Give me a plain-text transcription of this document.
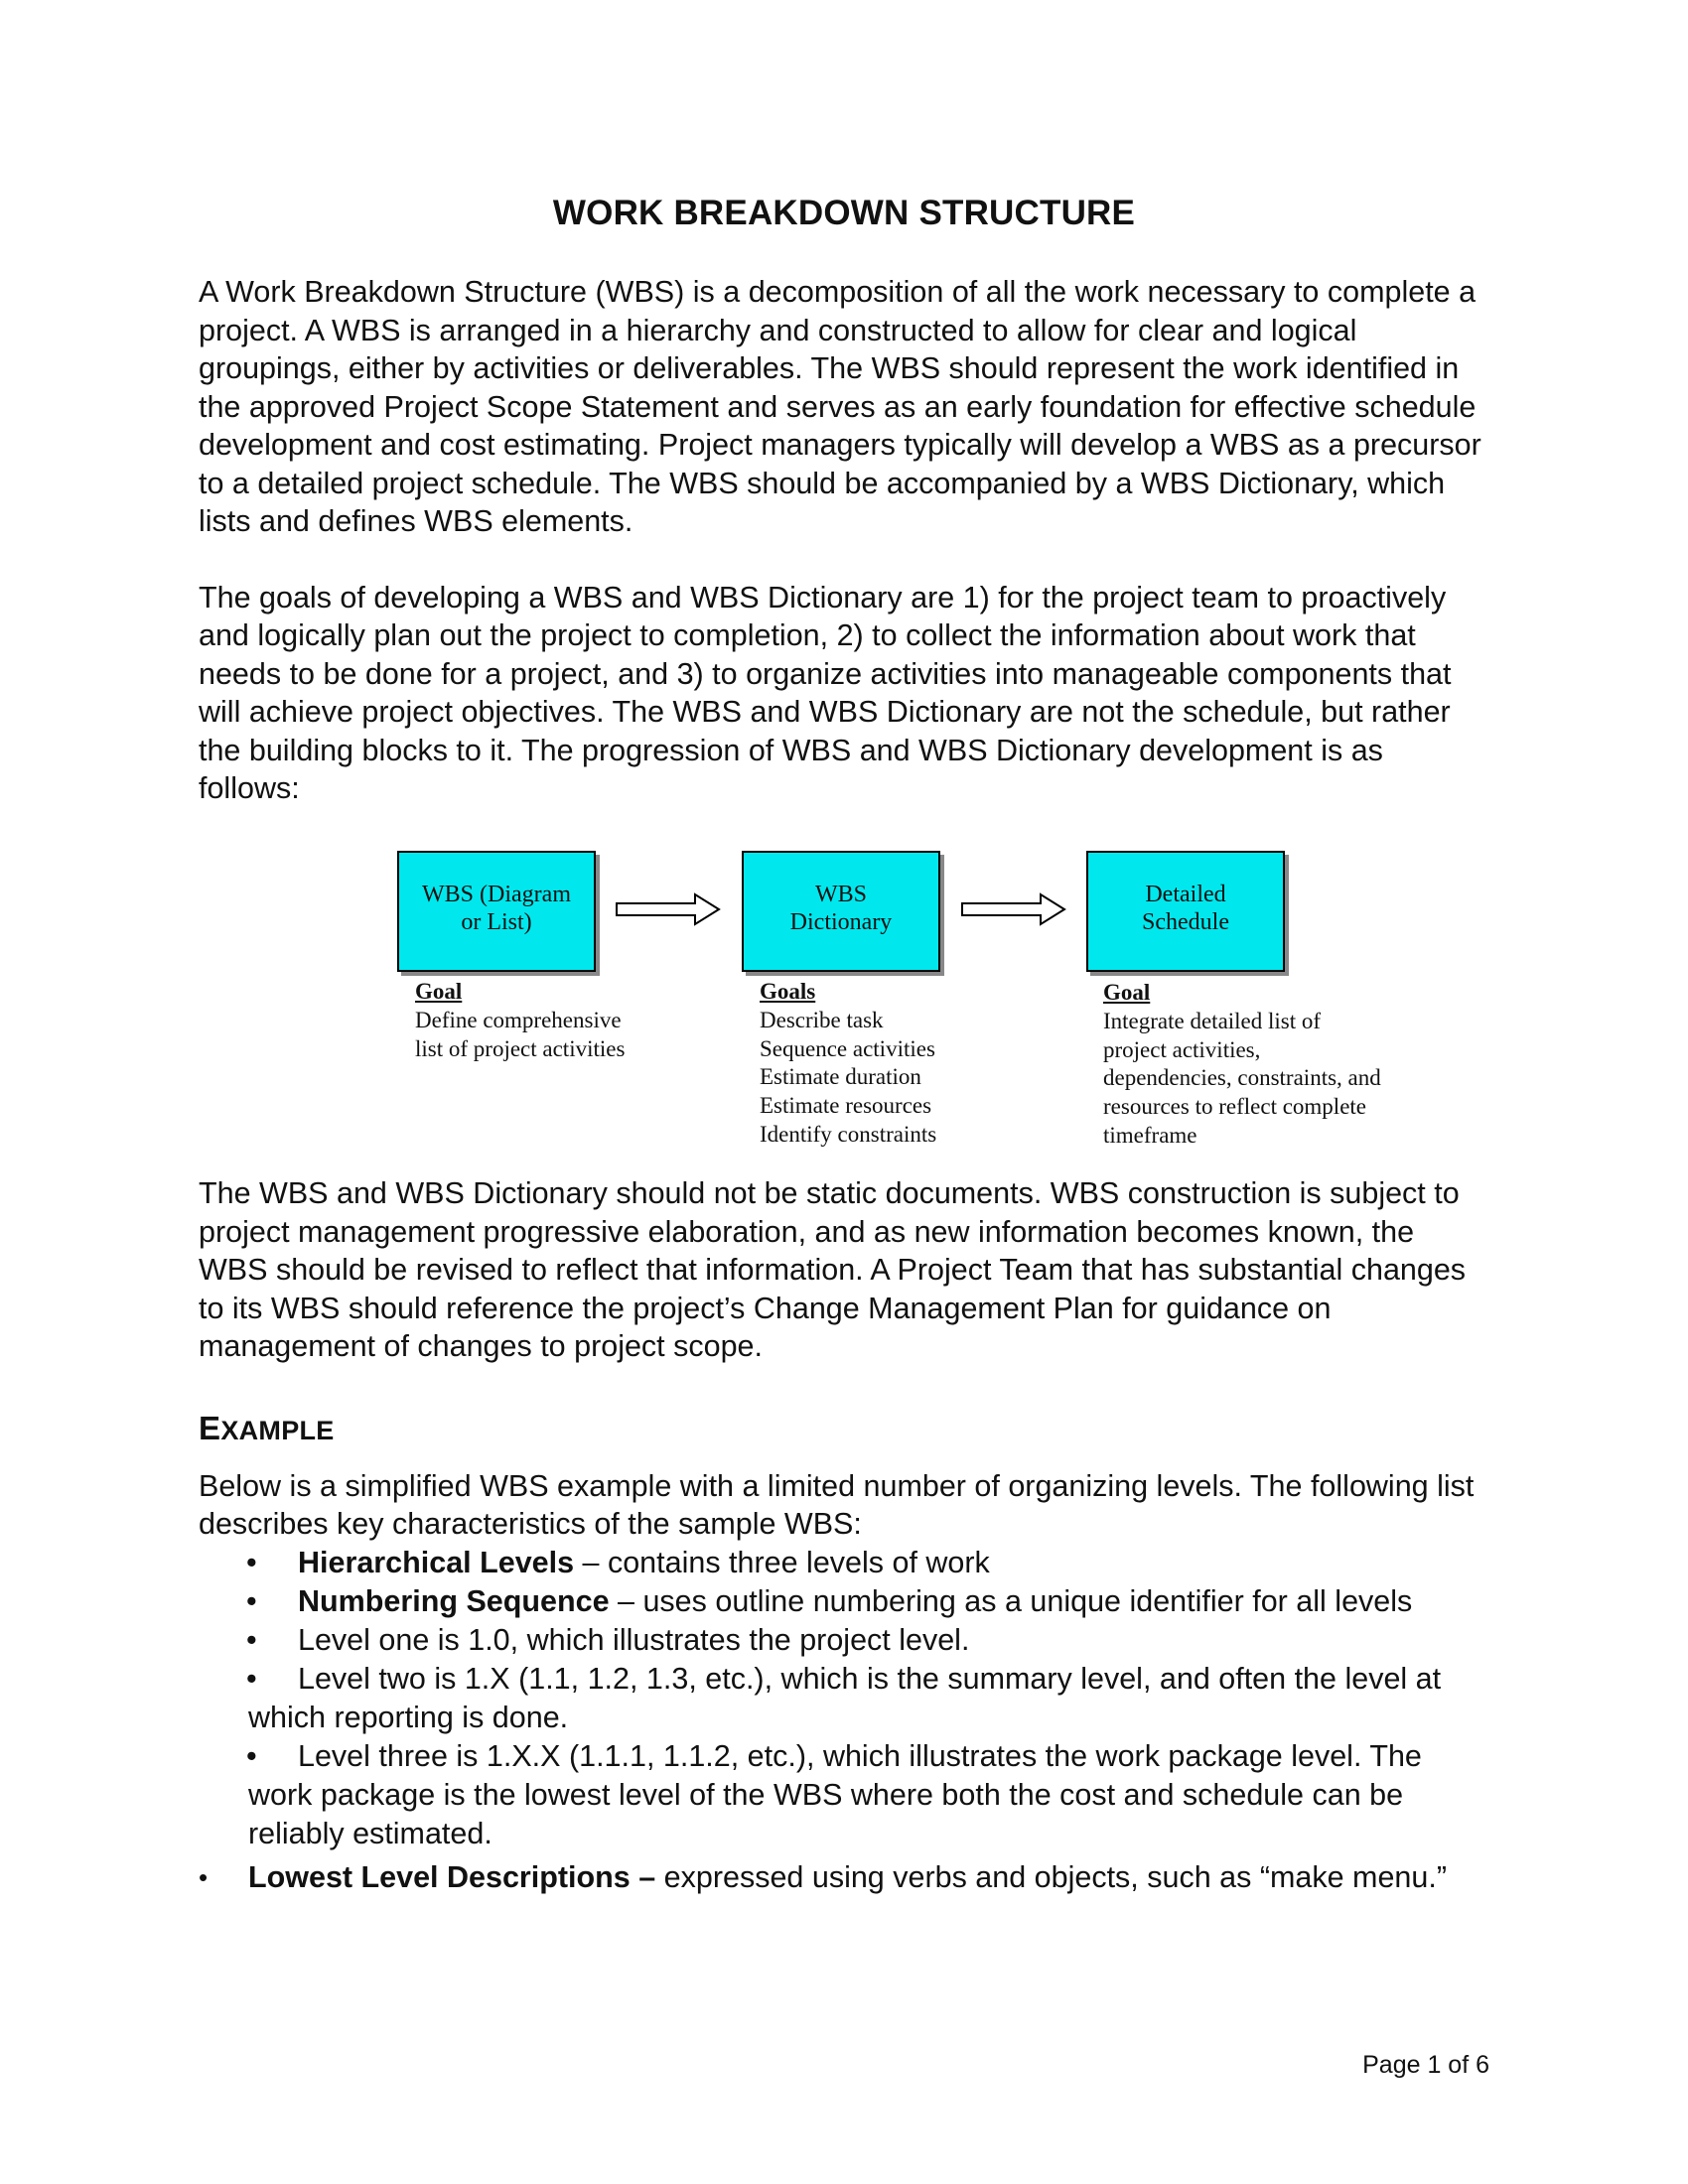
WORK BREAKDOWN STRUCTURE

A Work Breakdown Structure (WBS) is a decomposition of all the work necessary to complete a project. A WBS is arranged in a hierarchy and constructed to allow for clear and logical groupings, either by activities or deliverables. The WBS should represent the work identified in the approved Project Scope Statement and serves as an early foundation for effective schedule development and cost estimating. Project managers typically will develop a WBS as a precursor to a detailed project schedule. The WBS should be accompanied by a WBS Dictionary, which lists and defines WBS elements.

The goals of developing a WBS and WBS Dictionary are 1) for the project team to proactively and logically plan out the project to completion, 2) to collect the information about work that needs to be done for a project, and 3) to organize activities into manageable components that will achieve project objectives. The WBS and WBS Dictionary are not the schedule, but rather the building blocks to it. The progression of WBS and WBS Dictionary development is as follows:

WBS (Diagram
or List)
WBS
Dictionary
Detailed
Schedule
Goal
Define comprehensive
list of project activities
Goals
Describe task
Sequence activities
Estimate duration
Estimate resources
Identify constraints
Goal
Integrate detailed list of
project activities,
dependencies, constraints, and
resources to reflect complete
timeframe

The WBS and WBS Dictionary should not be static documents. WBS construction is subject to project management progressive elaboration, and as new information becomes known, the WBS should be revised to reflect that information. A Project Team that has substantial changes to its WBS should reference the project’s Change Management Plan for guidance on management of changes to project scope.

EXAMPLE

Below is a simplified WBS example with a limited number of organizing levels. The following list describes key characteristics of the sample WBS:

• Hierarchical Levels – contains three levels of work
• Numbering Sequence – uses outline numbering as a unique identifier for all levels
• Level one is 1.0, which illustrates the project level.
• Level two is 1.X (1.1, 1.2, 1.3, etc.), which is the summary level, and often the level at which reporting is done.
• Level three is 1.X.X (1.1.1, 1.1.2, etc.), which illustrates the work package level. The work package is the lowest level of the WBS where both the cost and schedule can be reliably estimated.
• Lowest Level Descriptions – expressed using verbs and objects, such as “make menu.”
Page 1 of 6
